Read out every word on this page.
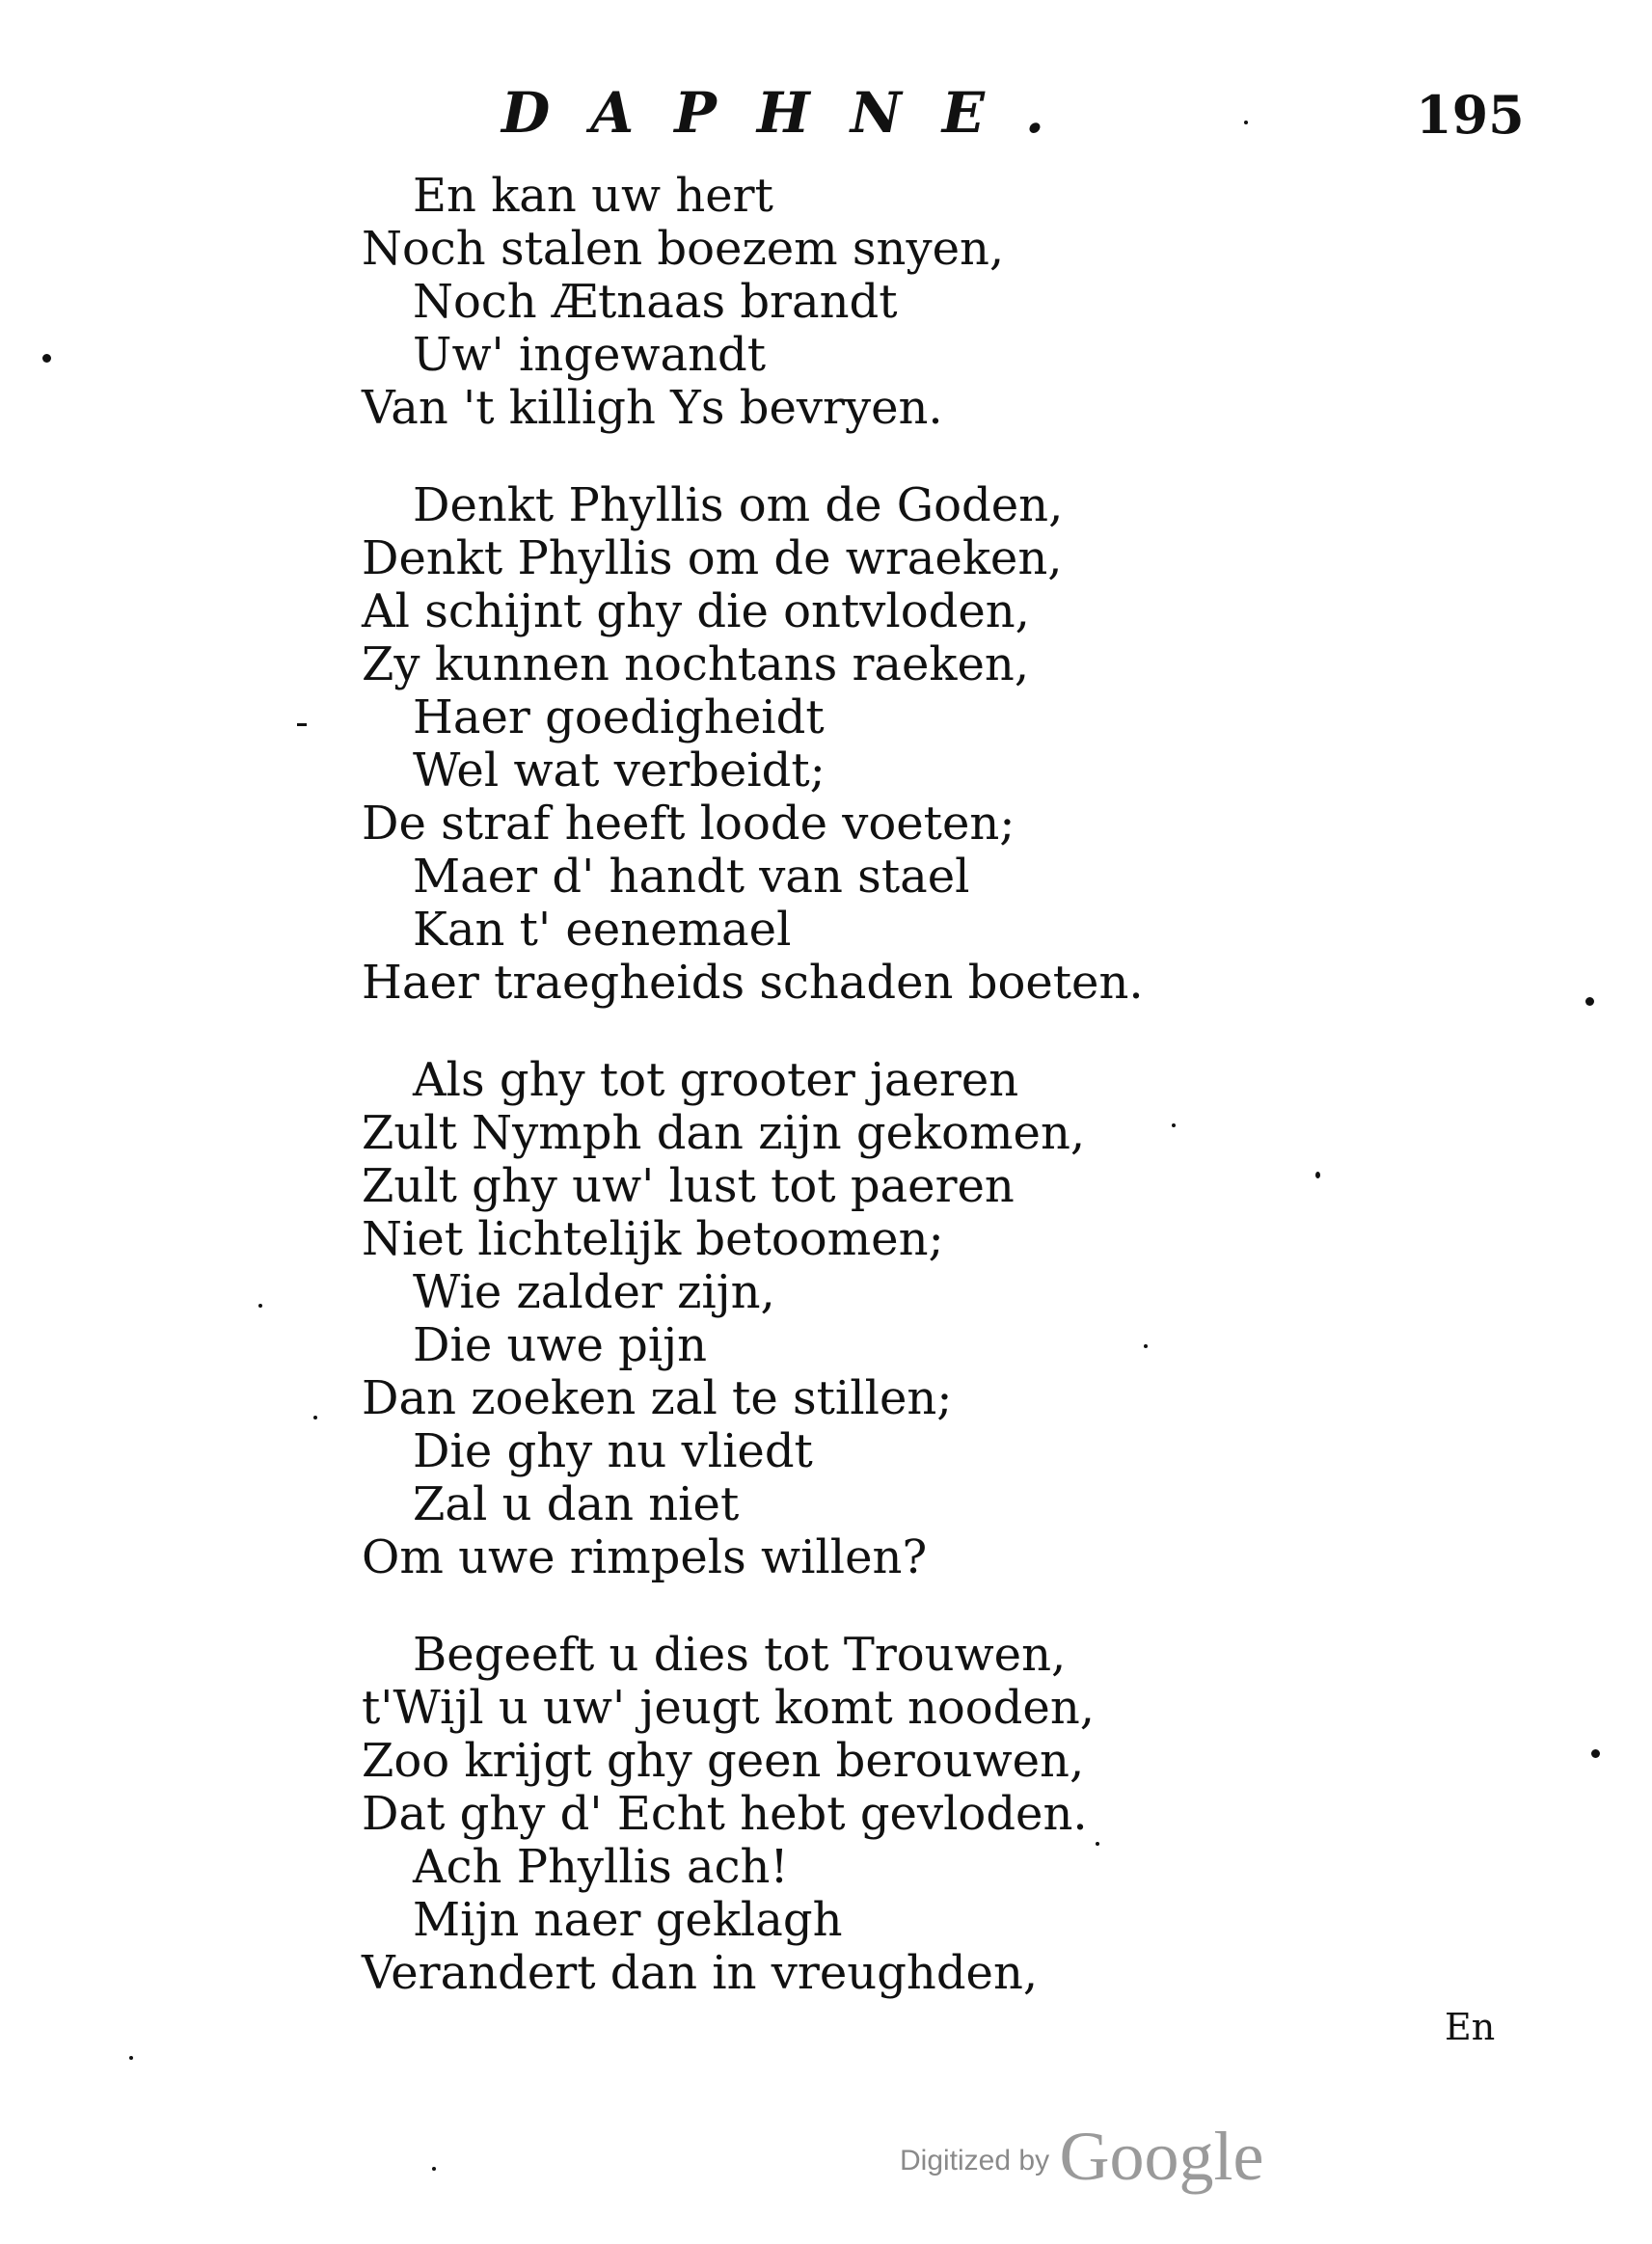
DAPHNE.	195
En kan uw hert
Noch stalen boezem snyen,
Noch Ætnaas brandt
Uw' ingewandt
Van 't killigh Ys bevryen.
Denkt Phyllis om de Goden,
Denkt Phyllis om de wraeken,
Al schijnt ghy die ontvloden,
Zy kunnen nochtans raeken,
Haer goedigheidt
Wel wat verbeidt;
De straf heeft loode voeten;
Maer d' handt van stael
Kan t' eenemael
Haer traegheids schaden boeten.
Als ghy tot grooter jaeren
Zult Nymph dan zijn gekomen,
Zult ghy uw' lust tot paeren
Niet lichtelijk betoomen;
Wie zalder zijn,
Die uwe pijn
Dan zoeken zal te stillen;
Die ghy nu vliedt
Zal u dan niet
Om uwe rimpels willen?
Begeeft u dies tot Trouwen,
t'Wijl u uw' jeugt komt nooden,
Zoo krijgt ghy geen berouwen,
Dat ghy d' Echt hebt gevloden.
Ach Phyllis ach!
Mijn naer geklagh
Verandert dan in vreughden,
En
Digitized by Google
